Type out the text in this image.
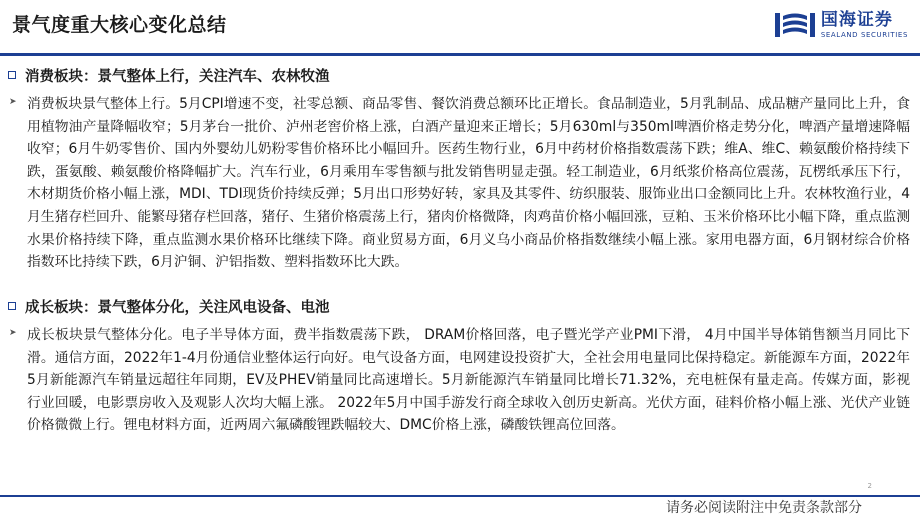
景气度重大核心变化总结	国海证券
SEALAND SECURITIES
消费板块：景气整体上行，关注汽车、农林牧渔
➤ 消费板块景气整体上行。5月CPI增速不变，社零总额、商品零售、餐饮消费总额环比正增长。食品制造业，5月乳制品、成品糖产量同比上升，食用植物油产量降幅收窄；5月茅台一批价、泸州老窖价格上涨，白酒产量迎来正增长；5月630ml与350ml啤酒价格走势分化，啤酒产量增速降幅收窄；6月牛奶零售价、国内外婴幼儿奶粉零售价格环比小幅回升。医药生物行业，6月中药材价格指数震荡下跌；维A、维C、赖氨酸价格持续下跌，蛋氨酸、赖氨酸价格降幅扩大。汽车行业，6月乘用车零售额与批发销售明显走强。轻工制造业，6月纸浆价格高位震荡，瓦楞纸承压下行，木材期货价格小幅上涨，MDI、TDI现货价持续反弹；5月出口形势好转，家具及其零件、纺织服装、服饰业出口金额同比上升。农林牧渔行业，4月生猪存栏回升、能繁母猪存栏回落，猪仔、生猪价格震荡上行，猪肉价格微降，肉鸡苗价格小幅回涨，豆粕、玉米价格环比小幅下降，重点监测水果价格持续下降，重点监测水果价格环比继续下降。商业贸易方面，6月义乌小商品价格指数继续小幅上涨。家用电器方面，6月钢材综合价格指数环比持续下跌，6月沪铜、沪铝指数、塑料指数环比大跌。

成长板块：景气整体分化，关注风电设备、电池
➤ 成长板块景气整体分化。电子半导体方面，费半指数震荡下跌， DRAM价格回落，电子暨光学产业PMI下滑， 4月中国半导体销售额当月同比下滑。通信方面，2022年1-4月份通信业整体运行向好。电气设备方面，电网建设投资扩大，全社会用电量同比保持稳定。新能源车方面，2022年5月新能源汽车销量远超往年同期，EV及PHEV销量同比高速增长。5月新能源汽车销量同比增长71.32%，充电桩保有量走高。传媒方面，影视行业回暖，电影票房收入及观影人次均大幅上涨。 2022年5月中国手游发行商全球收入创历史新高。光伏方面，硅料价格小幅上涨、光伏产业链价格微微上行。锂电材料方面，近两周六氟磷酸锂跌幅较大、DMC价格上涨，磷酸铁锂高位回落。

2
请务必阅读附注中免责条款部分
